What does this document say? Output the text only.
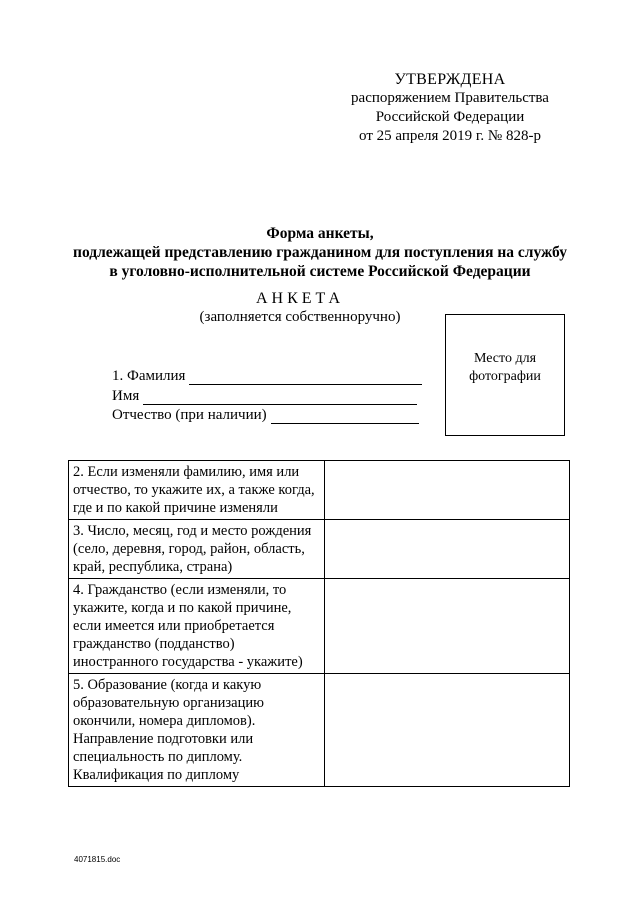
УТВЕРЖДЕНА
распоряжением Правительства
Российской Федерации
от 25 апреля 2019 г. № 828-р
Форма анкеты,
подлежащей представлению гражданином для поступления на службу
в уголовно-исполнительной системе Российской Федерации
АНКЕТА
(заполняется собственноручно)
Место для
фотографии
1. Фамилия
Имя
Отчество (при наличии)
2. Если изменяли фамилию, имя или отчество, то укажите их, а также когда, где и по какой причине изменяли	
3. Число, месяц, год и место рождения (село, деревня, город, район, область, край, республика, страна)	
4. Гражданство (если изменяли, то укажите, когда и по какой причине, если имеется или приобретается гражданство (подданство) иностранного государства - укажите)	
5. Образование (когда и какую образовательную организацию окончили, номера дипломов). Направление подготовки или специальность по диплому. Квалификация по диплому	
4071815.doc
